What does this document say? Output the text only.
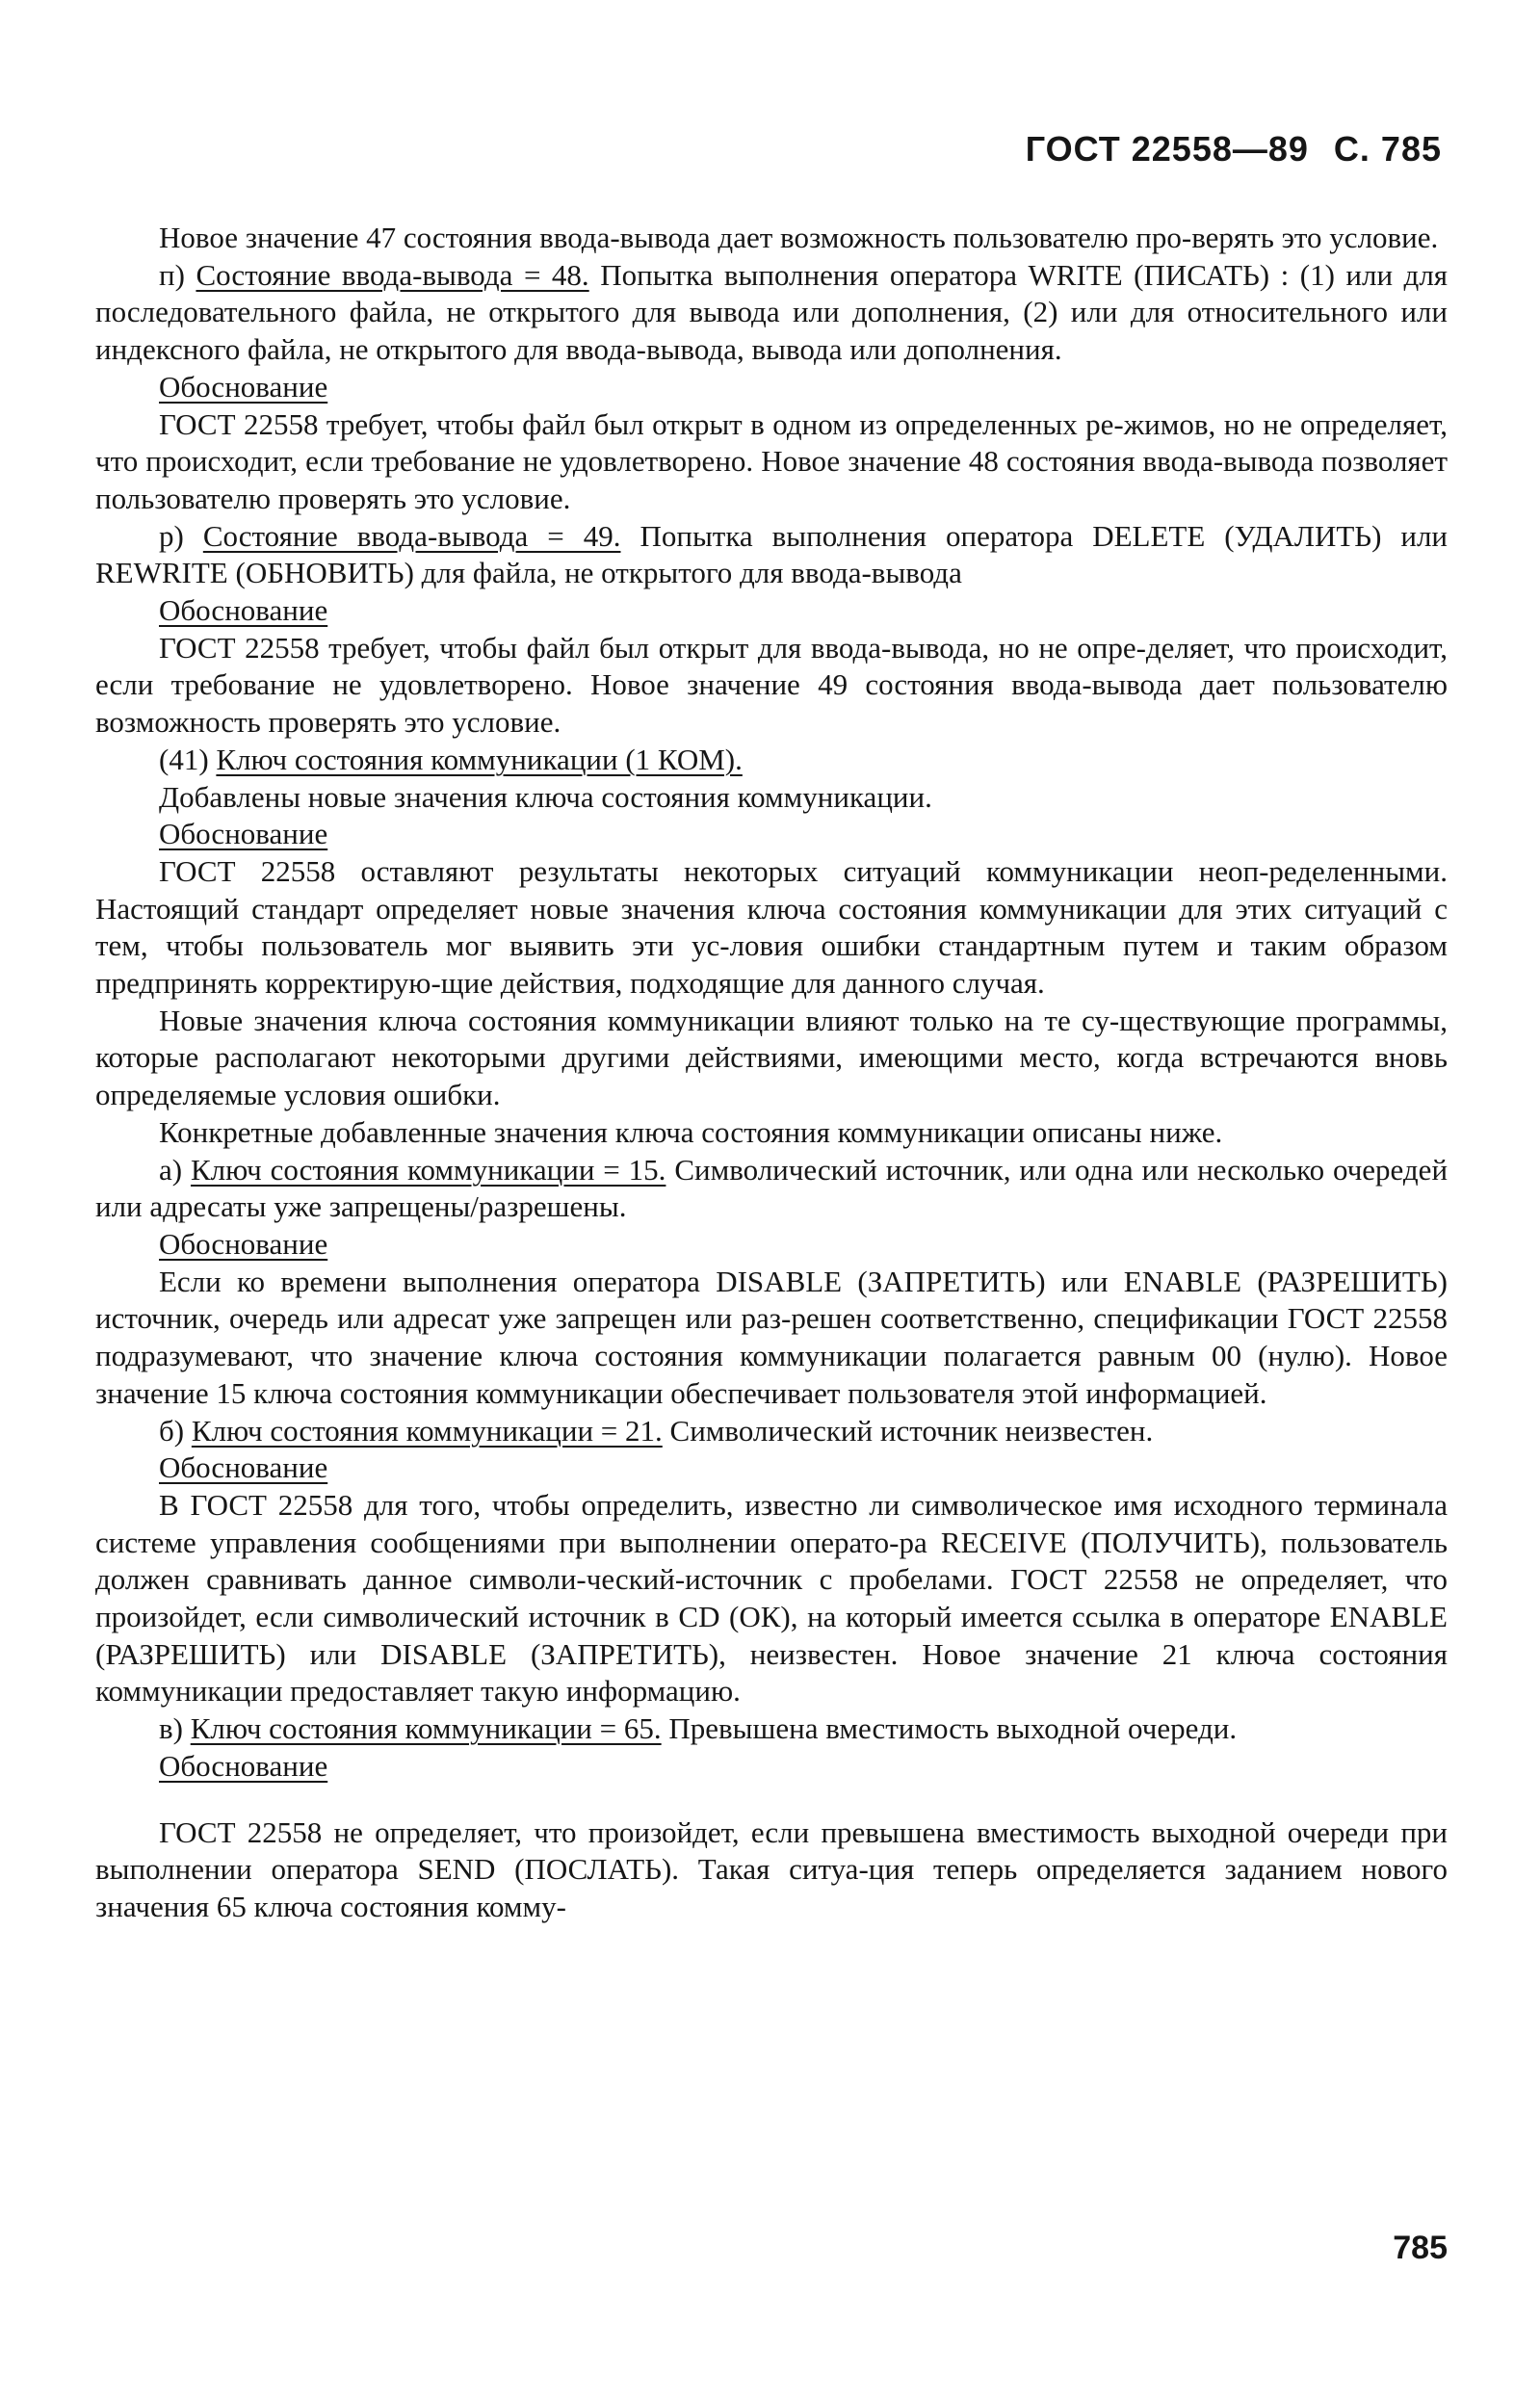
ГОСТ 22558—89 С. 785

Новое значение 47 состояния ввода-вывода дает возможность пользователю про-верять это условие.

п) Состояние ввода-вывода = 48. Попытка выполнения оператора WRITE (ПИСАТЬ) : (1) или для последовательного файла, не открытого для вывода или дополнения, (2) или для относительного или индексного файла, не открытого для ввода-вывода, вывода или дополнения.

Обоснование

ГОСТ 22558 требует, чтобы файл был открыт в одном из определенных ре-жимов, но не определяет, что происходит, если требование не удовлетворено. Новое значение 48 состояния ввода-вывода позволяет пользователю проверять это условие.

р) Состояние ввода-вывода = 49. Попытка выполнения оператора DELETE (УДАЛИТЬ) или REWRITE (ОБНОВИТЬ) для файла, не открытого для ввода-вывода

Обоснование

ГОСТ 22558 требует, чтобы файл был открыт для ввода-вывода, но не опре-деляет, что происходит, если требование не удовлетворено. Новое значение 49 состояния ввода-вывода дает пользователю возможность проверять это условие.

(41) Ключ состояния коммуникации (1 КОМ).

Добавлены новые значения ключа состояния коммуникации.

Обоснование

ГОСТ 22558 оставляют результаты некоторых ситуаций коммуникации неоп-ределенными. Настоящий стандарт определяет новые значения ключа состояния коммуникации для этих ситуаций с тем, чтобы пользователь мог выявить эти ус-ловия ошибки стандартным путем и таким образом предпринять корректирую-щие действия, подходящие для данного случая.

Новые значения ключа состояния коммуникации влияют только на те су-ществующие программы, которые располагают некоторыми другими действиями, имеющими место, когда встречаются вновь определяемые условия ошибки.

Конкретные добавленные значения ключа состояния коммуникации описаны ниже.

а) Ключ состояния коммуникации = 15. Символический источник, или одна или несколько очередей или адресаты уже запрещены/разрешены.

Обоснование

Если ко времени выполнения оператора DISABLE (ЗАПРЕТИТЬ) или ENABLE (РАЗРЕШИТЬ) источник, очередь или адресат уже запрещен или раз-решен соответственно, спецификации ГОСТ 22558 подразумевают, что значение ключа состояния коммуникации полагается равным 00 (нулю). Новое значение 15 ключа состояния коммуникации обеспечивает пользователя этой информацией.

б) Ключ состояния коммуникации = 21. Символический источник неизвестен.

Обоснование

В ГОСТ 22558 для того, чтобы определить, известно ли символическое имя исходного терминала системе управления сообщениями при выполнении операто-ра RECEIVE (ПОЛУЧИТЬ), пользователь должен сравнивать данное символи-ческий-источник с пробелами. ГОСТ 22558 не определяет, что произойдет, если символический источник в CD (ОК), на который имеется ссылка в операторе ENABLE (РАЗРЕШИТЬ) или DISABLE (ЗАПРЕТИТЬ), неизвестен. Новое значение 21 ключа состояния коммуникации предоставляет такую информацию.

в) Ключ состояния коммуникации = 65. Превышена вместимость выходной очереди.

Обоснование

ГОСТ 22558 не определяет, что произойдет, если превышена вместимость выходной очереди при выполнении оператора SEND (ПОСЛАТЬ). Такая ситуа-ция теперь определяется заданием нового значения 65 ключа состояния комму-

785
